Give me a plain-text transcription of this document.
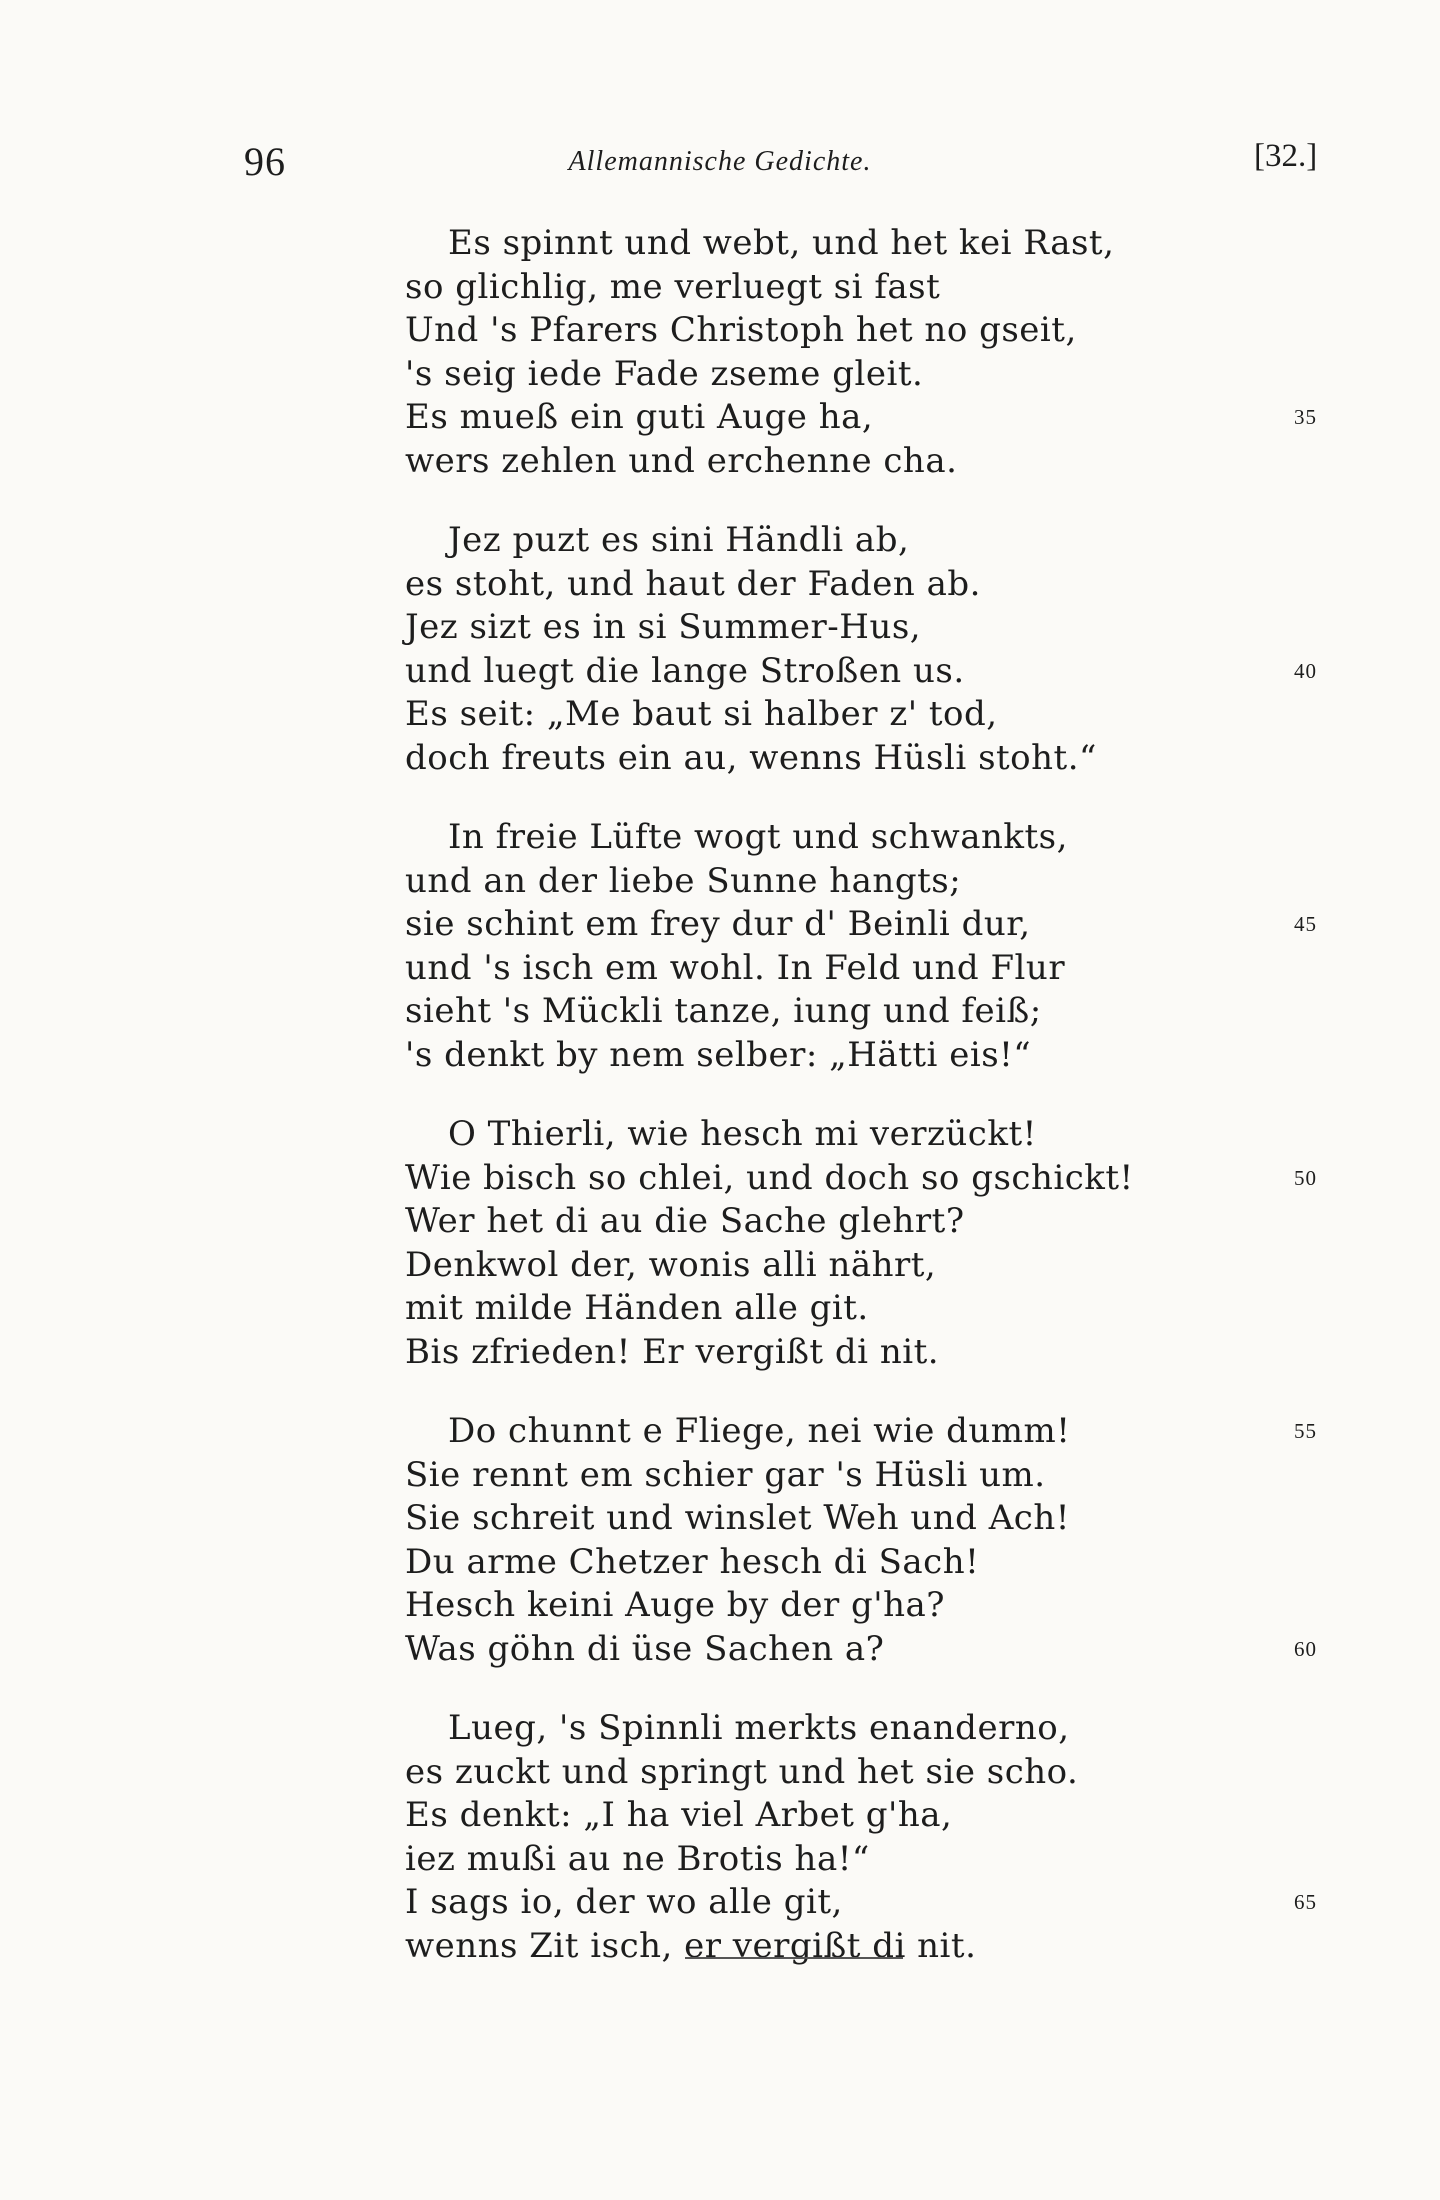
96	Allemannische Gedichte.	[32.]
Es spinnt und webt, und het kei Rast,
so glichlig, me verluegt si fast
Und 's Pfarers Christoph het no gseit,
's seig iede Fade zseme gleit.
Es mueß ein guti Auge ha,	35
wers zehlen und erchenne cha.
Jez puzt es sini Händli ab,
es stoht, und haut der Faden ab.
Jez sizt es in si Summer-Hus,
und luegt die lange Stroßen us.	40
Es seit: „Me baut si halber z' tod,
doch freuts ein au, wenns Hüsli stoht.“
In freie Lüfte wogt und schwankts,
und an der liebe Sunne hangts;
sie schint em frey dur d' Beinli dur,	45
und 's isch em wohl. In Feld und Flur
sieht 's Mückli tanze, iung und feiß;
's denkt by nem selber: „Hätti eis!“
O Thierli, wie hesch mi verzückt!
Wie bisch so chlei, und doch so gschickt!	50
Wer het di au die Sache glehrt?
Denkwol der, wonis alli nährt,
mit milde Händen alle git.
Bis zfrieden! Er vergißt di nit.
Do chunnt e Fliege, nei wie dumm!	55
Sie rennt em schier gar 's Hüsli um.
Sie schreit und winslet Weh und Ach!
Du arme Chetzer hesch di Sach!
Hesch keini Auge by der g'ha?
Was göhn di üse Sachen a?	60
Lueg, 's Spinnli merkts enanderno,
es zuckt und springt und het sie scho.
Es denkt: „I ha viel Arbet g'ha,
iez mußi au ne Brotis ha!“
I sags io, der wo alle git,	65
wenns Zit isch, er vergißt di nit.
